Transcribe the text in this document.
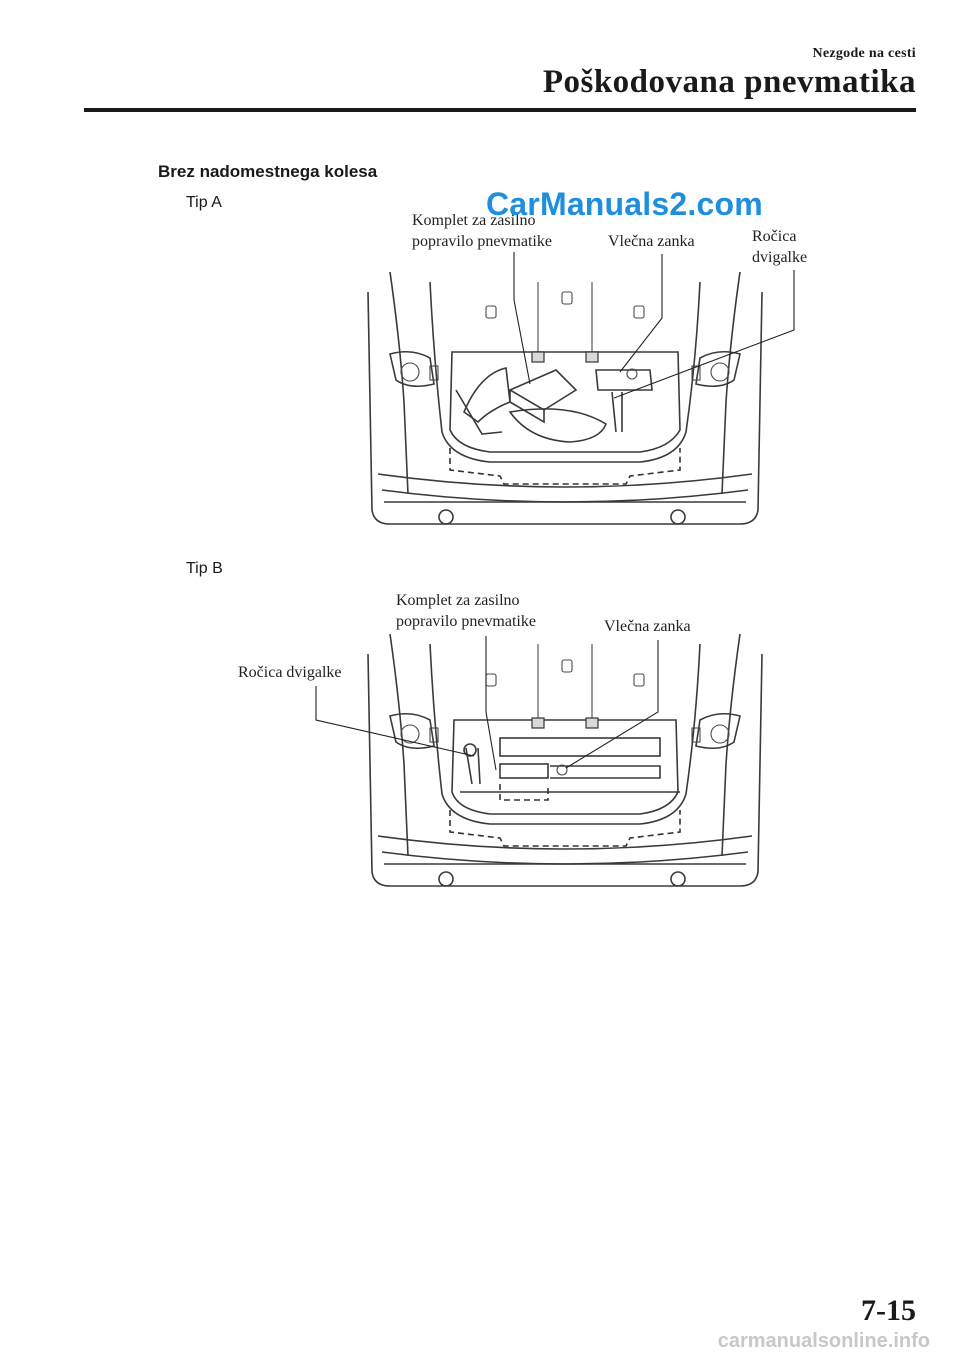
Nezgode na cesti
Poškodovana pnevmatika
Brez nadomestnega kolesa
Tip A
Komplet za zasilno
popravilo pnevmatike	Vlečna zanka	Ročica
dvigalke
CarManuals2.com
Tip B
Komplet za zasilno
popravilo pnevmatike	Vlečna zanka
Ročica dvigalke
7-15
carmanualsonline.info
